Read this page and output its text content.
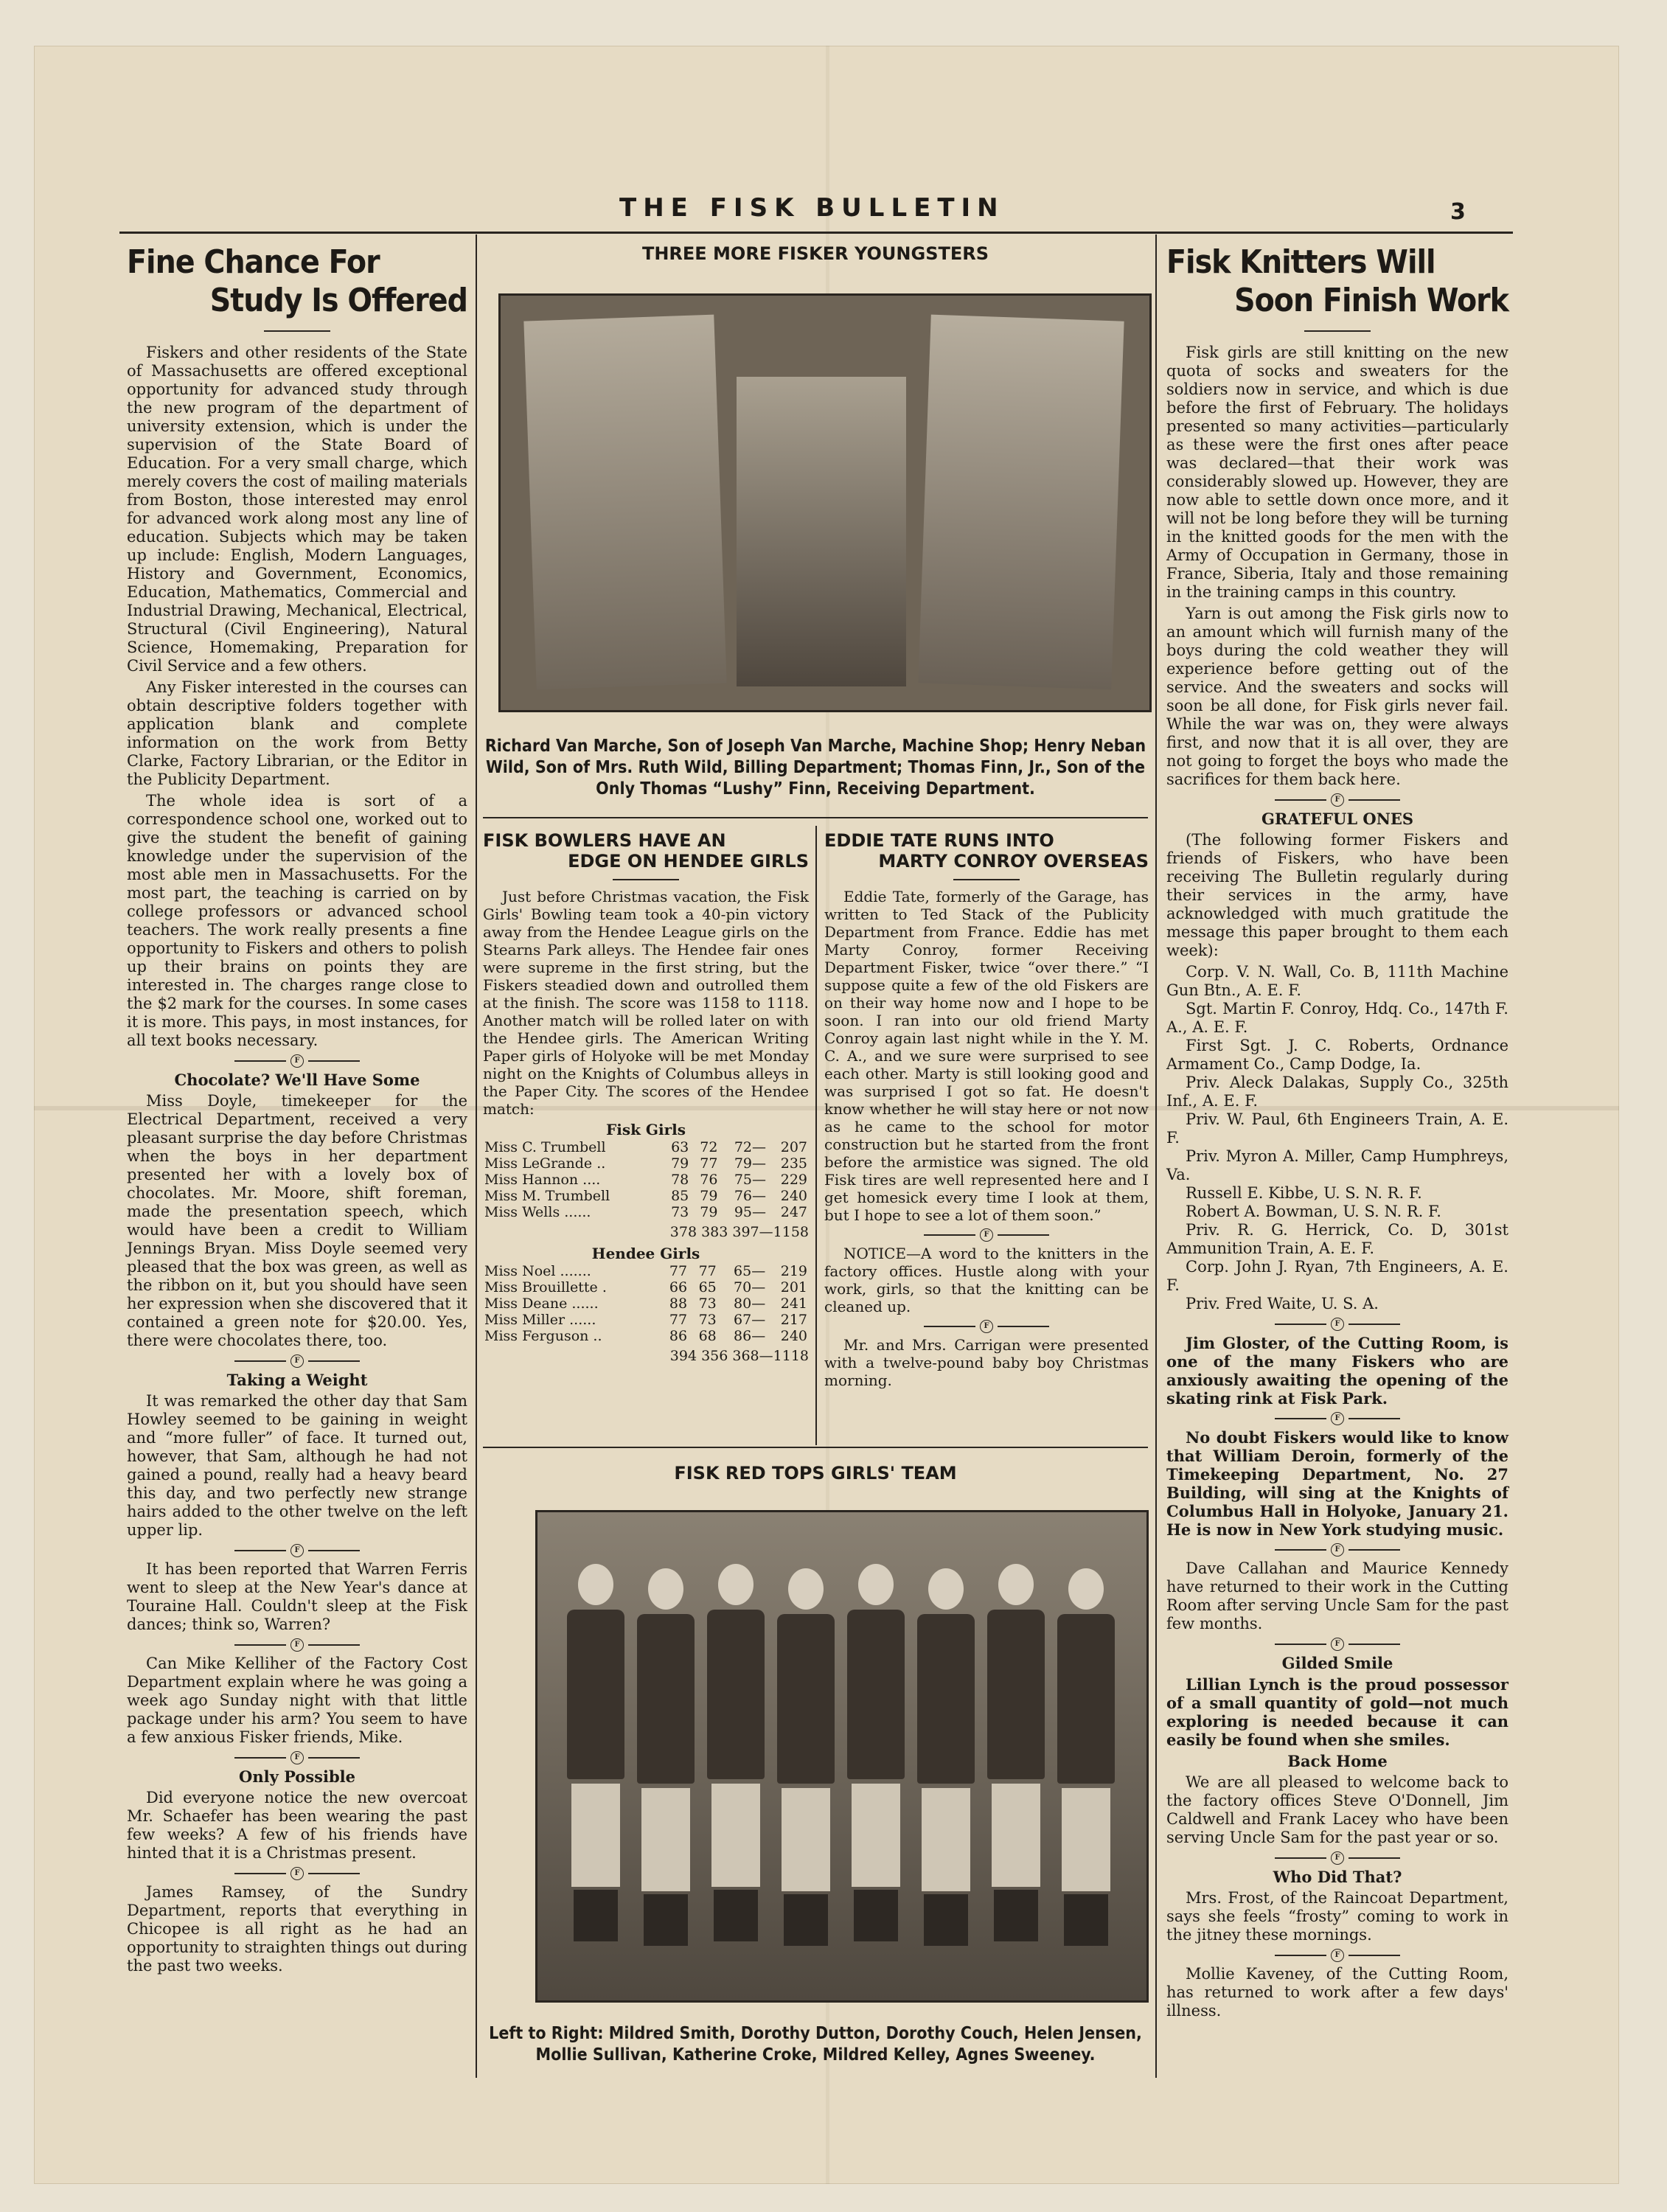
THE FISK BULLETIN	3
Fine Chance For
Study Is Offered

Fiskers and other residents of the State of Massachusetts are offered exceptional opportunity for advanced study through the new program of the department of university extension, which is under the supervision of the State Board of Education. For a very small charge, which merely covers the cost of mailing materials from Boston, those interested may enrol for advanced work along most any line of education. Subjects which may be taken up include: English, Modern Languages, History and Government, Economics, Education, Mathematics, Commercial and Industrial Drawing, Mechanical, Electrical, Structural (Civil Engineering), Natural Science, Homemaking, Preparation for Civil Service and a few others.

Any Fisker interested in the courses can obtain descriptive folders together with application blank and complete information on the work from Betty Clarke, Factory Librarian, or the Editor in the Publicity Department.

The whole idea is sort of a correspondence school one, worked out to give the student the benefit of gaining knowledge under the supervision of the most able men in Massachusetts. For the most part, the teaching is carried on by college professors or advanced school teachers. The work really presents a fine opportunity to Fiskers and others to polish up their brains on points they are interested in. The charges range close to the $2 mark for the courses. In some cases it is more. This pays, in most instances, for all text books necessary.

F

Chocolate? We'll Have Some

Miss Doyle, timekeeper for the Electrical Department, received a very pleasant surprise the day before Christmas when the boys in her department presented her with a lovely box of chocolates. Mr. Moore, shift foreman, made the presentation speech, which would have been a credit to William Jennings Bryan. Miss Doyle seemed very pleased that the box was green, as well as the ribbon on it, but you should have seen her expression when she discovered that it contained a green note for $20.00. Yes, there were chocolates there, too.

F

Taking a Weight

It was remarked the other day that Sam Howley seemed to be gaining in weight and “more fuller” of face. It turned out, however, that Sam, although he had not gained a pound, really had a heavy beard this day, and two perfectly new strange hairs added to the other twelve on the left upper lip.

F

It has been reported that Warren Ferris went to sleep at the New Year's dance at Touraine Hall. Couldn't sleep at the Fisk dances; think so, Warren?

F

Can Mike Kelliher of the Factory Cost Department explain where he was going a week ago Sunday night with that little package under his arm? You seem to have a few anxious Fisker friends, Mike.

F

Only Possible

Did everyone notice the new overcoat Mr. Schaefer has been wearing the past few weeks? A few of his friends have hinted that it is a Christmas present.

F

James Ramsey, of the Sundry Department, reports that everything in Chicopee is all right as he had an opportunity to straighten things out during the past two weeks.

THREE MORE FISKER YOUNGSTERS
Richard Van Marche, Son of Joseph Van Marche, Machine Shop; Henry Neban Wild, Son of Mrs. Ruth Wild, Billing Department; Thomas Finn, Jr., Son of the Only Thomas “Lushy” Finn, Receiving Department.
FISK BOWLERS HAVE AN
EDGE ON HENDEE GIRLS

Just before Christmas vacation, the Fisk Girls' Bowling team took a 40-pin victory away from the Hendee League girls on the Stearns Park alleys. The Hendee fair ones were supreme in the first string, but the Fiskers steadied down and outrolled them at the finish. The score was 1158 to 1118. Another match will be rolled later on with the Hendee girls. The American Writing Paper girls of Holyoke will be met Monday night on the Knights of Columbus alleys in the Paper City. The scores of the Hendee match:

Fisk Girls
Miss C. Trumbell	63	72	72—	207
Miss LeGrande ..	79	77	79—	235
Miss Hannon ....	78	76	75—	229
Miss M. Trumbell	85	79	76—	240
Miss Wells ......	73	79	95—	247
378 383 397—1158
Hendee Girls
Miss Noel .......	77	77	65—	219
Miss Brouillette .	66	65	70—	201
Miss Deane ......	88	73	80—	241
Miss Miller ......	77	73	67—	217
Miss Ferguson ..	86	68	86—	240
394 356 368—1118
EDDIE TATE RUNS INTO
MARTY CONROY OVERSEAS

Eddie Tate, formerly of the Garage, has written to Ted Stack of the Publicity Department from France. Eddie has met Marty Conroy, former Receiving Department Fisker, twice “over there.” “I suppose quite a few of the old Fiskers are on their way home now and I hope to be soon. I ran into our old friend Marty Conroy again last night while in the Y. M. C. A., and we sure were surprised to see each other. Marty is still looking good and was surprised I got so fat. He doesn't know whether he will stay here or not now as he came to the school for motor construction but he started from the front before the armistice was signed. The old Fisk tires are well represented here and I get homesick every time I look at them, but I hope to see a lot of them soon.”

F

NOTICE—A word to the knitters in the factory offices. Hustle along with your work, girls, so that the knitting can be cleaned up.

F

Mr. and Mrs. Carrigan were presented with a twelve-pound baby boy Christmas morning.

FISK RED TOPS GIRLS' TEAM
Left to Right: Mildred Smith, Dorothy Dutton, Dorothy Couch, Helen Jensen, Mollie Sullivan, Katherine Croke, Mildred Kelley, Agnes Sweeney.
Fisk Knitters Will
Soon Finish Work

Fisk girls are still knitting on the new quota of socks and sweaters for the soldiers now in service, and which is due before the first of February. The holidays presented so many activities—particularly as these were the first ones after peace was declared—that their work was considerably slowed up. However, they are now able to settle down once more, and it will not be long before they will be turning in the knitted goods for the men with the Army of Occupation in Germany, those in France, Siberia, Italy and those remaining in the training camps in this country.

Yarn is out among the Fisk girls now to an amount which will furnish many of the boys during the cold weather they will experience before getting out of the service. And the sweaters and socks will soon be all done, for Fisk girls never fail. While the war was on, they were always first, and now that it is all over, they are not going to forget the boys who made the sacrifices for them back here.

F

GRATEFUL ONES

(The following former Fiskers and friends of Fiskers, who have been receiving The Bulletin regularly during their services in the army, have acknowledged with much gratitude the message this paper brought to them each week):

Corp. V. N. Wall, Co. B, 111th Machine Gun Btn., A. E. F.

Sgt. Martin F. Conroy, Hdq. Co., 147th F. A., A. E. F.

First Sgt. J. C. Roberts, Ordnance Armament Co., Camp Dodge, Ia.

Priv. Aleck Dalakas, Supply Co., 325th Inf., A. E. F.

Priv. W. Paul, 6th Engineers Train, A. E. F.

Priv. Myron A. Miller, Camp Humphreys, Va.

Russell E. Kibbe, U. S. N. R. F.

Robert A. Bowman, U. S. N. R. F.

Priv. R. G. Herrick, Co. D, 301st Ammunition Train, A. E. F.

Corp. John J. Ryan, 7th Engineers, A. E. F.

Priv. Fred Waite, U. S. A.

F

Jim Gloster, of the Cutting Room, is one of the many Fiskers who are anxiously awaiting the opening of the skating rink at Fisk Park.

F

No doubt Fiskers would like to know that William Deroin, formerly of the Timekeeping Department, No. 27 Building, will sing at the Knights of Columbus Hall in Holyoke, January 21. He is now in New York studying music.

F

Dave Callahan and Maurice Kennedy have returned to their work in the Cutting Room after serving Uncle Sam for the past few months.

F

Gilded Smile

Lillian Lynch is the proud possessor of a small quantity of gold—not much exploring is needed because it can easily be found when she smiles.

Back Home

We are all pleased to welcome back to the factory offices Steve O'Donnell, Jim Caldwell and Frank Lacey who have been serving Uncle Sam for the past year or so.

F

Who Did That?

Mrs. Frost, of the Raincoat Department, says she feels “frosty” coming to work in the jitney these mornings.

F

Mollie Kaveney, of the Cutting Room, has returned to work after a few days' illness.
